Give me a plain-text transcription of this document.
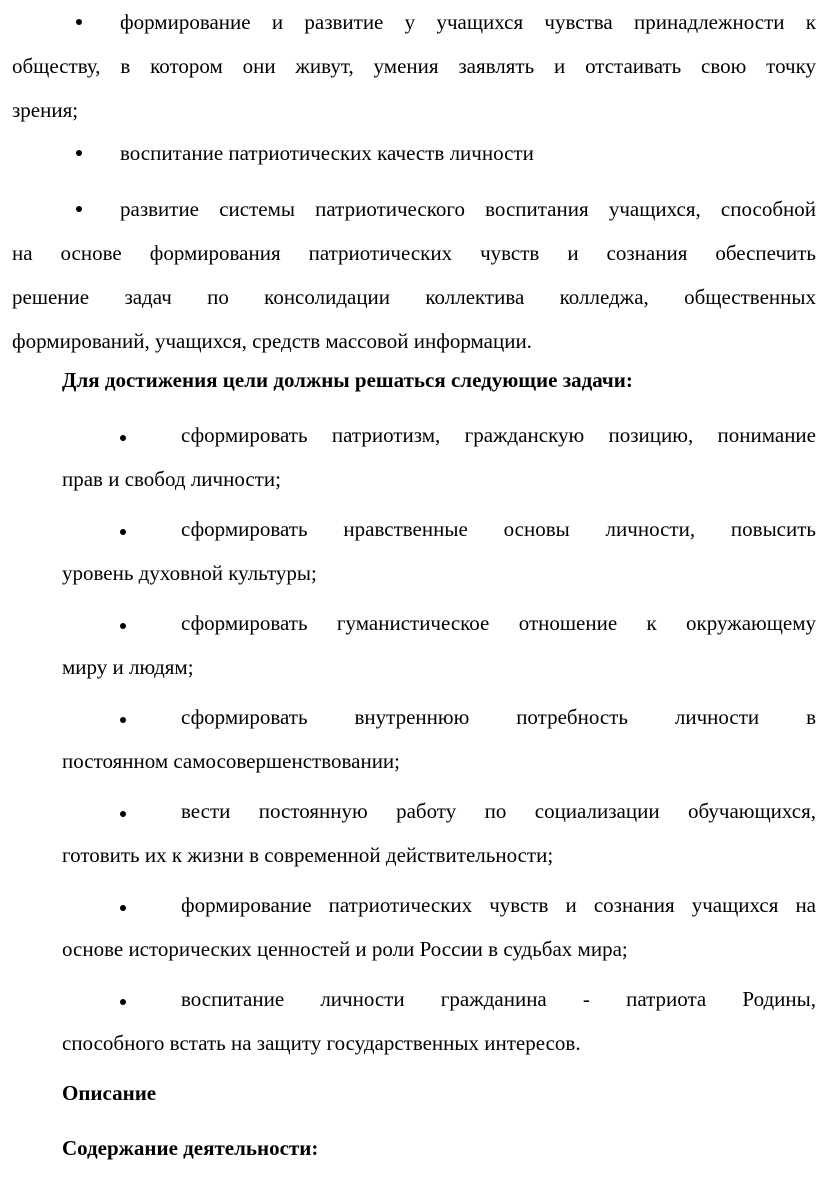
формирование и развитие у учащихся чувства принадлежности к
обществу, в котором они живут, умения заявлять и отстаивать свою точку
зрения;
воспитание патриотических качеств личности
развитие системы патриотического воспитания учащихся, способной
на основе формирования патриотических чувств и сознания обеспечить
решение задач по консолидации коллектива колледжа, общественных
формирований, учащихся, средств массовой информации.
Для достижения цели должны решаться следующие задачи:
сформировать патриотизм, гражданскую позицию, понимание
прав и свобод личности;
сформировать нравственные основы личности, повысить
уровень духовной культуры;
сформировать гуманистическое отношение к окружающему
миру и людям;
сформировать внутреннюю потребность личности в
постоянном самосовершенствовании;
вести постоянную работу по социализации обучающихся,
готовить их к жизни в современной действительности;
формирование патриотических чувств и сознания учащихся на
основе исторических ценностей и роли России в судьбах мира;
воспитание личности гражданина - патриота Родины,
способного встать на защиту государственных интересов.
Описание
Содержание деятельности:
